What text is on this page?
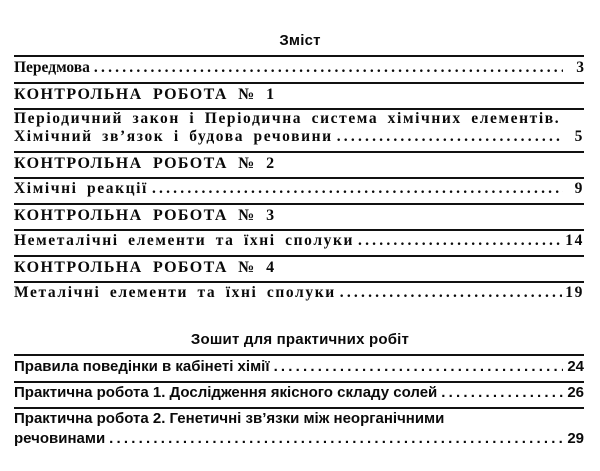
Зміст
Передмова .....	3
КОНТРОЛЬНА РОБОТА № 1
Періодичний закон і Періодична система хімічних елементів.
Хімічний зв’язок і будова речовини .....	5
КОНТРОЛЬНА РОБОТА № 2
Хімічні реакції .....	9
КОНТРОЛЬНА РОБОТА № 3
Неметалічні елементи та їхні сполуки .....	14
КОНТРОЛЬНА РОБОТА № 4
Металічні елементи та їхні сполуки .....	19
Зошит для практичних робіт
Правила поведінки в кабінеті хімії .....	24
Практична робота 1. Дослідження якісного складу солей .....	26
Практична робота 2. Генетичні зв’язки між неорганічними
речовинами .....	29
